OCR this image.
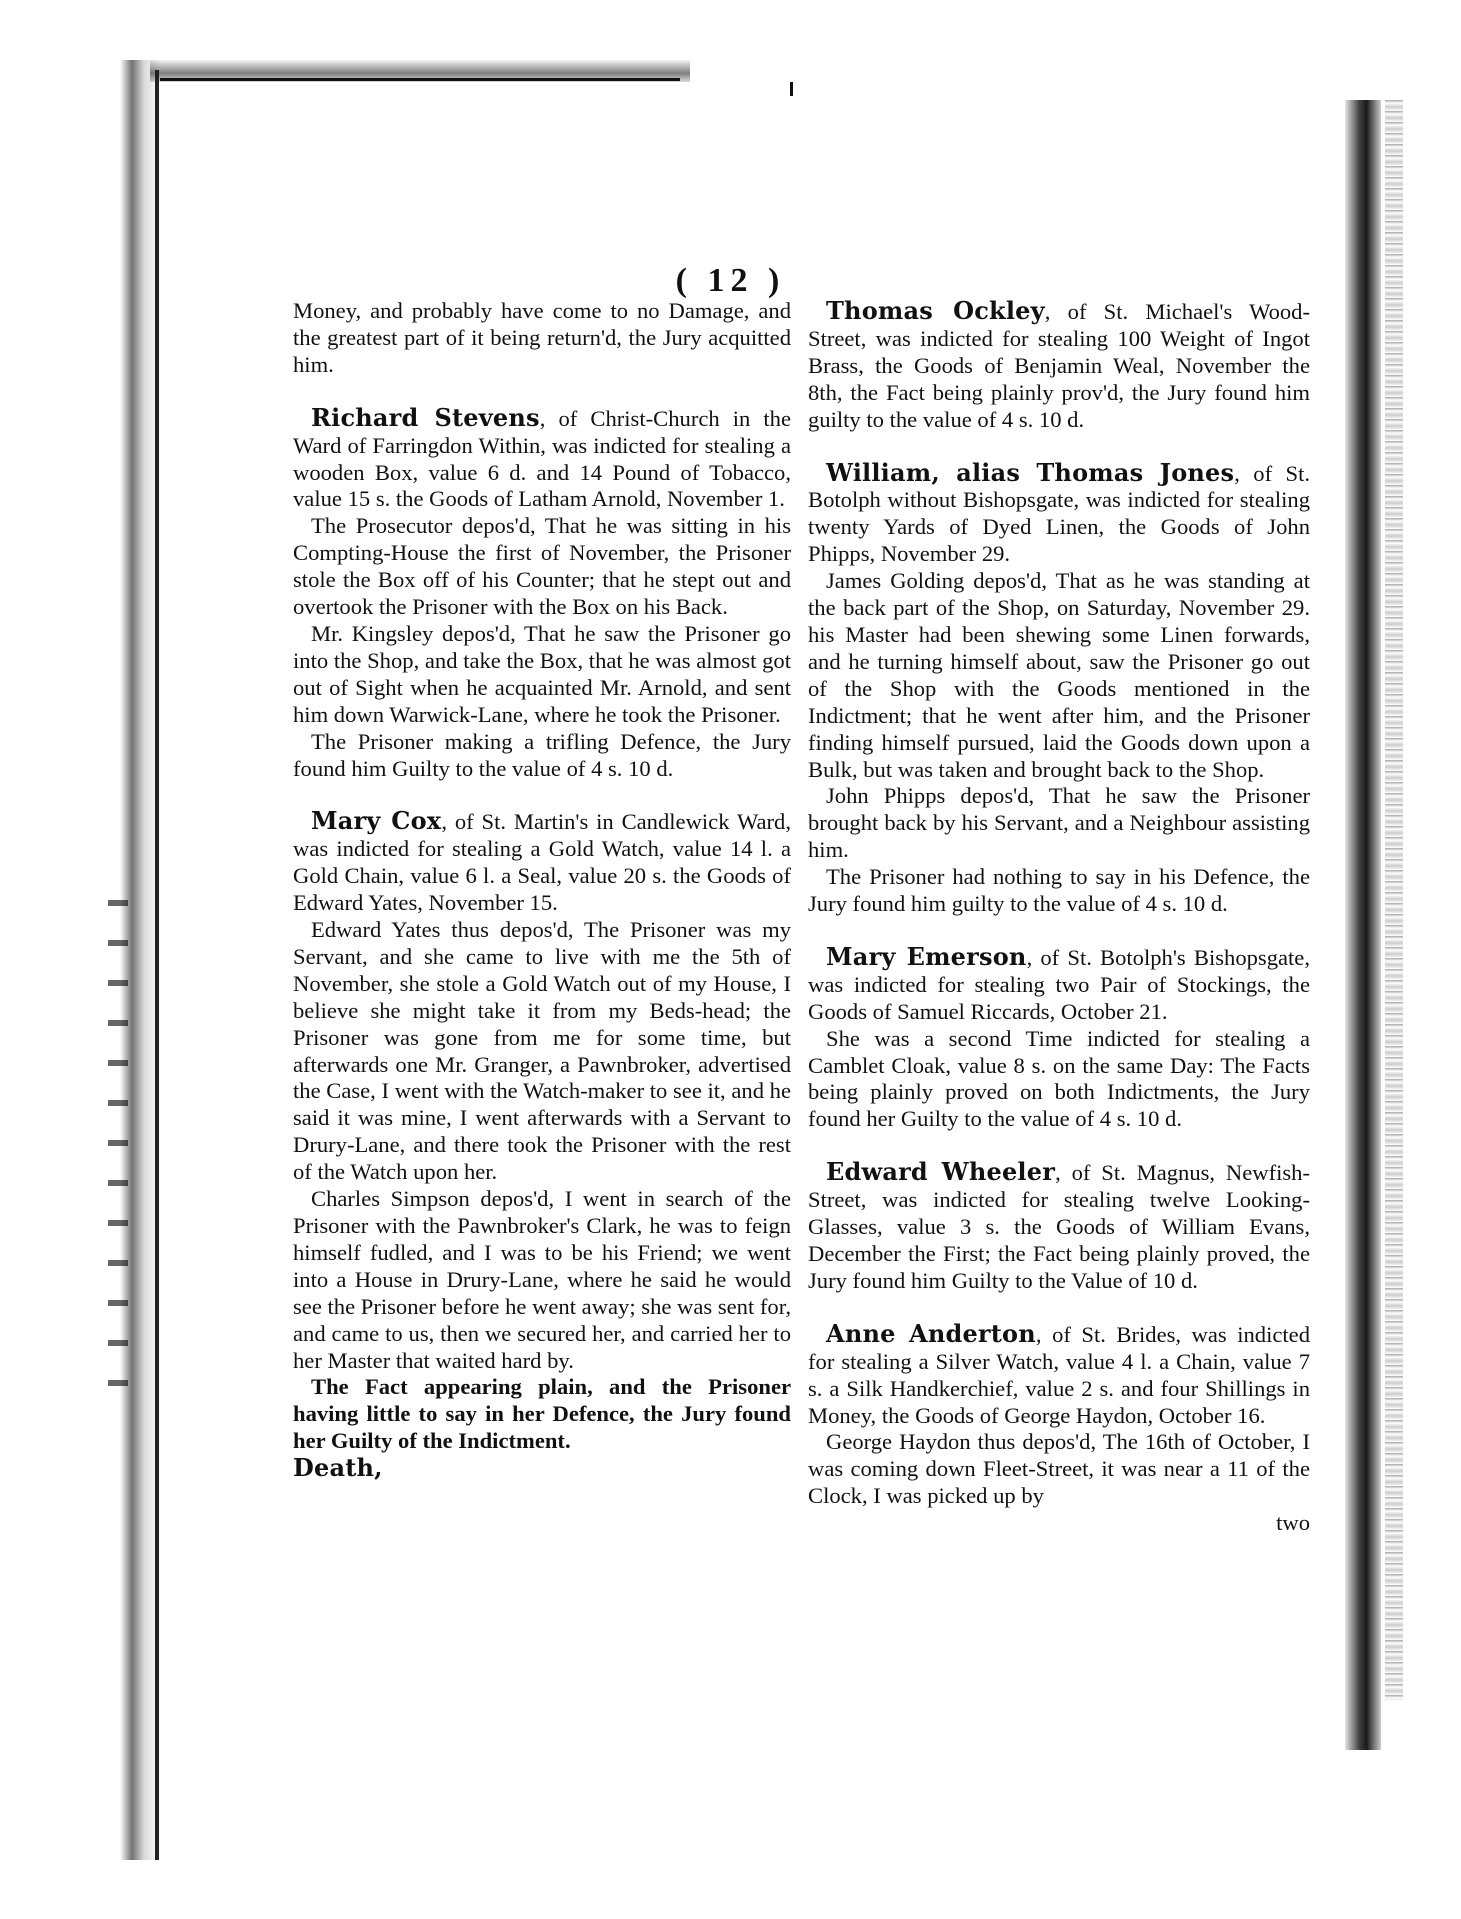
( 12 )

Money, and probably have come to no Damage, and the greatest part of it being return'd, the Jury acquitted him.

Richard Stevens, of Christ-Church in the Ward of Farringdon Within, was indicted for stealing a wooden Box, value 6 d. and 14 Pound of Tobacco, value 15 s. the Goods of Latham Arnold, November 1.

The Prosecutor depos'd, That he was sitting in his Compting-House the first of November, the Prisoner stole the Box off of his Counter; that he stept out and overtook the Prisoner with the Box on his Back.

Mr. Kingsley depos'd, That he saw the Prisoner go into the Shop, and take the Box, that he was almost got out of Sight when he acquainted Mr. Arnold, and sent him down Warwick-Lane, where he took the Prisoner.

The Prisoner making a trifling Defence, the Jury found him Guilty to the value of 4 s. 10 d.

Mary Cox, of St. Martin's in Candlewick Ward, was indicted for stealing a Gold Watch, value 14 l. a Gold Chain, value 6 l. a Seal, value 20 s. the Goods of Edward Yates, November 15.

Edward Yates thus depos'd, The Prisoner was my Servant, and she came to live with me the 5th of November, she stole a Gold Watch out of my House, I believe she might take it from my Beds-head; the Prisoner was gone from me for some time, but afterwards one Mr. Granger, a Pawnbroker, advertised the Case, I went with the Watch-maker to see it, and he said it was mine, I went afterwards with a Servant to Drury-Lane, and there took the Prisoner with the rest of the Watch upon her.

Charles Simpson depos'd, I went in search of the Prisoner with the Pawnbroker's Clark, he was to feign himself fudled, and I was to be his Friend; we went into a House in Drury-Lane, where he said he would see the Prisoner before he went away; she was sent for, and came to us, then we secured her, and carried her to her Master that waited hard by.

The Fact appearing plain, and the Prisoner having little to say in her Defence, the Jury found her Guilty of the Indictment.

Death,

Thomas Ockley, of St. Michael's Wood-Street, was indicted for stealing 100 Weight of Ingot Brass, the Goods of Benjamin Weal, November the 8th, the Fact being plainly prov'd, the Jury found him guilty to the value of 4 s. 10 d.

William, alias Thomas Jones, of St. Botolph without Bishopsgate, was indicted for stealing twenty Yards of Dyed Linen, the Goods of John Phipps, November 29.

James Golding depos'd, That as he was standing at the back part of the Shop, on Saturday, November 29. his Master had been shewing some Linen forwards, and he turning himself about, saw the Prisoner go out of the Shop with the Goods mentioned in the Indictment; that he went after him, and the Prisoner finding himself pursued, laid the Goods down upon a Bulk, but was taken and brought back to the Shop.

John Phipps depos'd, That he saw the Prisoner brought back by his Servant, and a Neighbour assisting him.

The Prisoner had nothing to say in his Defence, the Jury found him guilty to the value of 4 s. 10 d.

Mary Emerson, of St. Botolph's Bishopsgate, was indicted for stealing two Pair of Stockings, the Goods of Samuel Riccards, October 21.

She was a second Time indicted for stealing a Camblet Cloak, value 8 s. on the same Day: The Facts being plainly proved on both Indictments, the Jury found her Guilty to the value of 4 s. 10 d.

Edward Wheeler, of St. Magnus, Newfish-Street, was indicted for stealing twelve Looking-Glasses, value 3 s. the Goods of William Evans, December the First; the Fact being plainly proved, the Jury found him Guilty to the Value of 10 d.

Anne Anderton, of St. Brides, was indicted for stealing a Silver Watch, value 4 l. a Chain, value 7 s. a Silk Handkerchief, value 2 s. and four Shillings in Money, the Goods of George Haydon, October 16.

George Haydon thus depos'd, The 16th of October, I was coming down Fleet-Street, it was near a 11 of the Clock, I was picked up by

two
